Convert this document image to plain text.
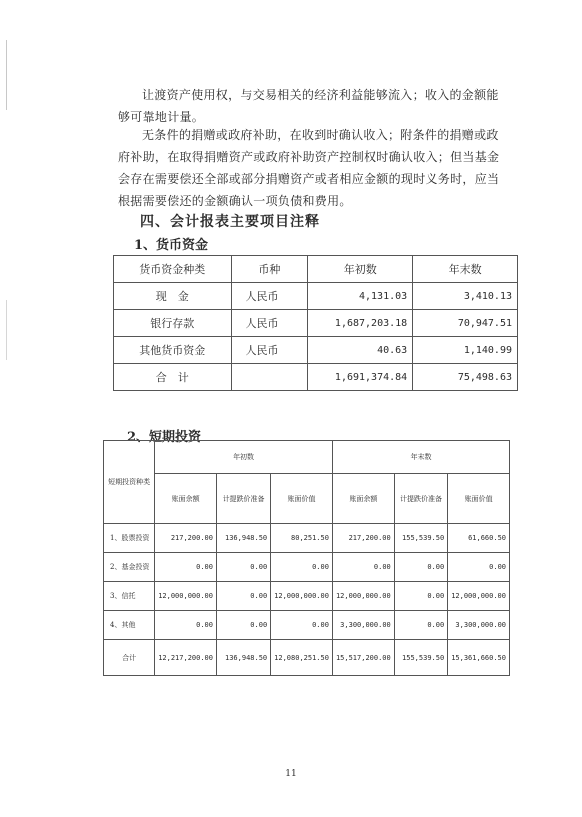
让渡资产使用权，与交易相关的经济利益能够流入；收入的金额能够可靠地计量。

无条件的捐赠或政府补助，在收到时确认收入；附条件的捐赠或政府补助，在取得捐赠资产或政府补助资产控制权时确认收入；但当基金会存在需要偿还全部或部分捐赠资产或者相应金额的现时义务时，应当根据需要偿还的金额确认一项负债和费用。

四、会计报表主要项目注释
1、货币资金
货币资金种类	币种	年初数	年末数
现　金	人民币	4,131.03	3,410.13
银行存款	人民币	1,687,203.18	70,947.51
其他货币资金	人民币	40.63	1,140.99
合　计		1,691,374.84	75,498.63
2、短期投资
短期投资种类	年初数			年末数		
	账面余额	计提跌价准备	账面价值	账面余额	计提跌价准备	账面价值
1、股票投资	217,200.00	136,948.50	80,251.50	217,200.00	155,539.50	61,660.50
2、基金投资	0.00	0.00	0.00	0.00	0.00	0.00
3、信托	12,000,000.00	0.00	12,000,000.00	12,000,000.00	0.00	12,000,000.00
4、其他	0.00	0.00	0.00	3,300,000.00	0.00	3,300,000.00
合计	12,217,200.00	136,948.50	12,080,251.50	15,517,200.00	155,539.50	15,361,660.50

11
